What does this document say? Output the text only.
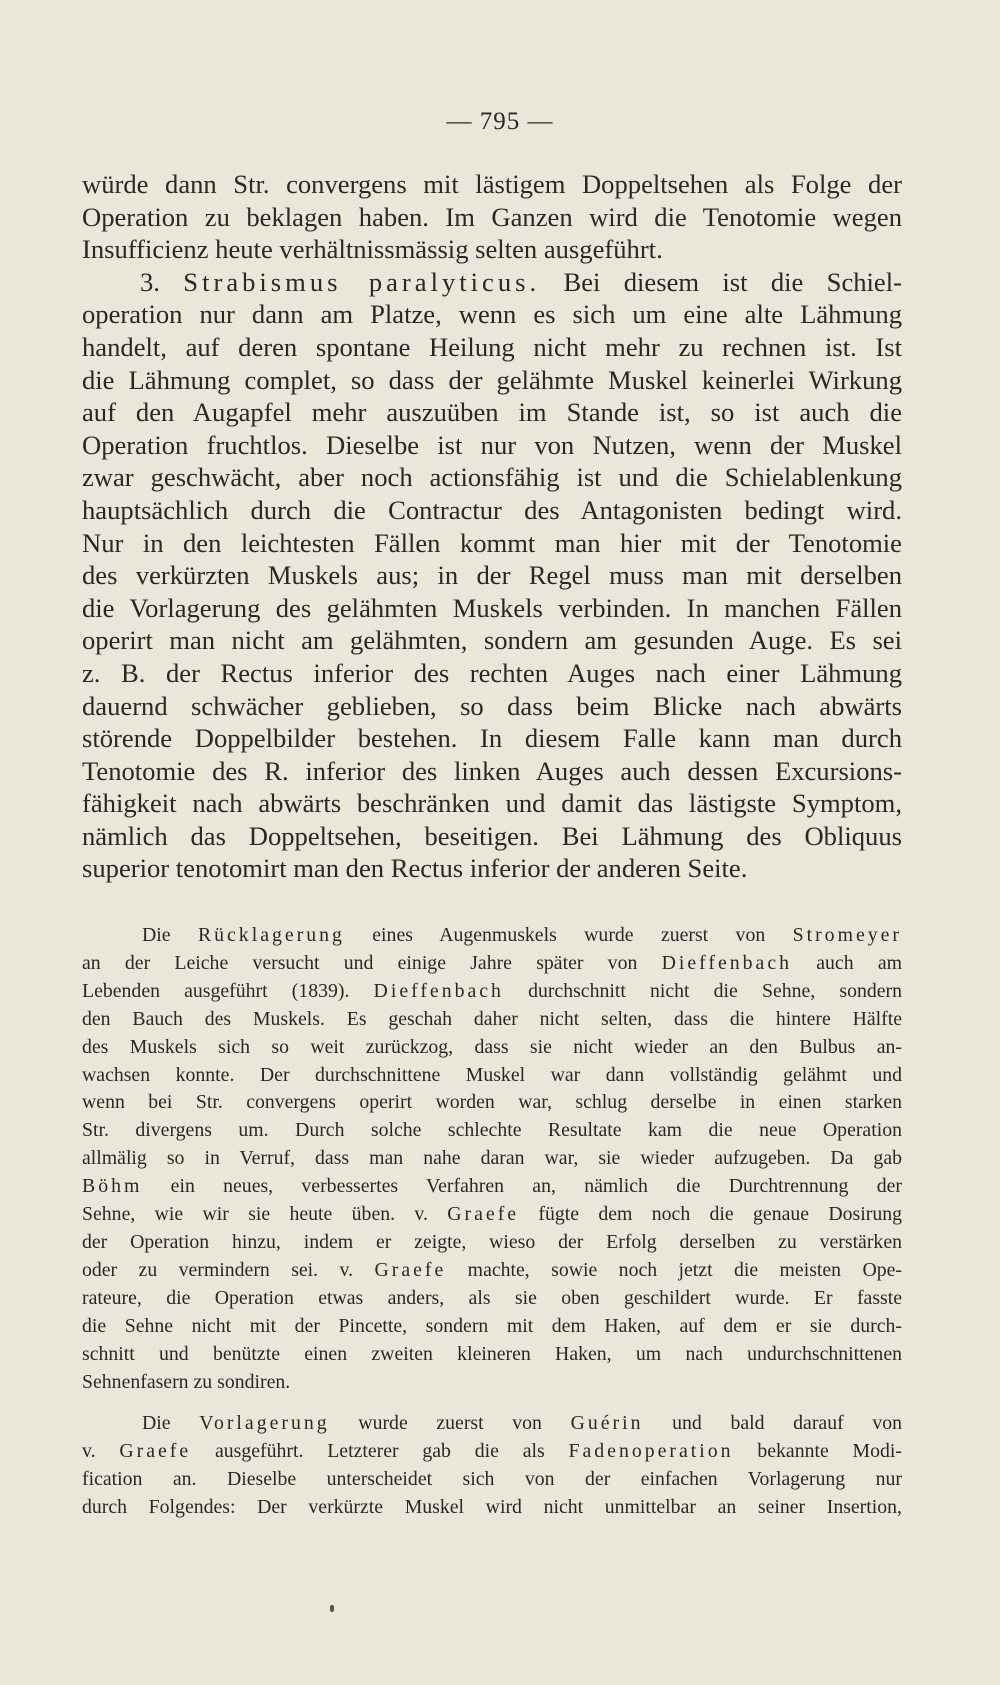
— 795 —
würde dann Str. convergens mit lästigem Doppeltsehen als Folge der
Operation zu beklagen haben. Im Ganzen wird die Tenotomie wegen
Insufficienz heute verhältnissmässig selten ausgeführt.
3. Strabismus paralyticus. Bei diesem ist die Schiel-
operation nur dann am Platze, wenn es sich um eine alte Lähmung
handelt, auf deren spontane Heilung nicht mehr zu rechnen ist. Ist
die Lähmung complet, so dass der gelähmte Muskel keinerlei Wirkung
auf den Augapfel mehr auszuüben im Stande ist, so ist auch die
Operation fruchtlos. Dieselbe ist nur von Nutzen, wenn der Muskel
zwar geschwächt, aber noch actionsfähig ist und die Schielablenkung
hauptsächlich durch die Contractur des Antagonisten bedingt wird.
Nur in den leichtesten Fällen kommt man hier mit der Tenotomie
des verkürzten Muskels aus; in der Regel muss man mit derselben
die Vorlagerung des gelähmten Muskels verbinden. In manchen Fällen
operirt man nicht am gelähmten, sondern am gesunden Auge. Es sei
z. B. der Rectus inferior des rechten Auges nach einer Lähmung
dauernd schwächer geblieben, so dass beim Blicke nach abwärts
störende Doppelbilder bestehen. In diesem Falle kann man durch
Tenotomie des R. inferior des linken Auges auch dessen Excursions-
fähigkeit nach abwärts beschränken und damit das lästigste Symptom,
nämlich das Doppeltsehen, beseitigen. Bei Lähmung des Obliquus
superior tenotomirt man den Rectus inferior der anderen Seite.
Die Rücklagerung eines Augenmuskels wurde zuerst von Stromeyer
an der Leiche versucht und einige Jahre später von Dieffenbach auch am
Lebenden ausgeführt (1839). Dieffenbach durchschnitt nicht die Sehne, sondern
den Bauch des Muskels. Es geschah daher nicht selten, dass die hintere Hälfte
des Muskels sich so weit zurückzog, dass sie nicht wieder an den Bulbus an-
wachsen konnte. Der durchschnittene Muskel war dann vollständig gelähmt und
wenn bei Str. convergens operirt worden war, schlug derselbe in einen starken
Str. divergens um. Durch solche schlechte Resultate kam die neue Operation
allmälig so in Verruf, dass man nahe daran war, sie wieder aufzugeben. Da gab
Böhm ein neues, verbessertes Verfahren an, nämlich die Durchtrennung der
Sehne, wie wir sie heute üben. v. Graefe fügte dem noch die genaue Dosirung
der Operation hinzu, indem er zeigte, wieso der Erfolg derselben zu verstärken
oder zu vermindern sei. v. Graefe machte, sowie noch jetzt die meisten Ope-
rateure, die Operation etwas anders, als sie oben geschildert wurde. Er fasste
die Sehne nicht mit der Pincette, sondern mit dem Haken, auf dem er sie durch-
schnitt und benützte einen zweiten kleineren Haken, um nach undurchschnittenen
Sehnenfasern zu sondiren.
Die Vorlagerung wurde zuerst von Guérin und bald darauf von
v. Graefe ausgeführt. Letzterer gab die als Fadenoperation bekannte Modi-
fication an. Dieselbe unterscheidet sich von der einfachen Vorlagerung nur
durch Folgendes: Der verkürzte Muskel wird nicht unmittelbar an seiner Insertion,
